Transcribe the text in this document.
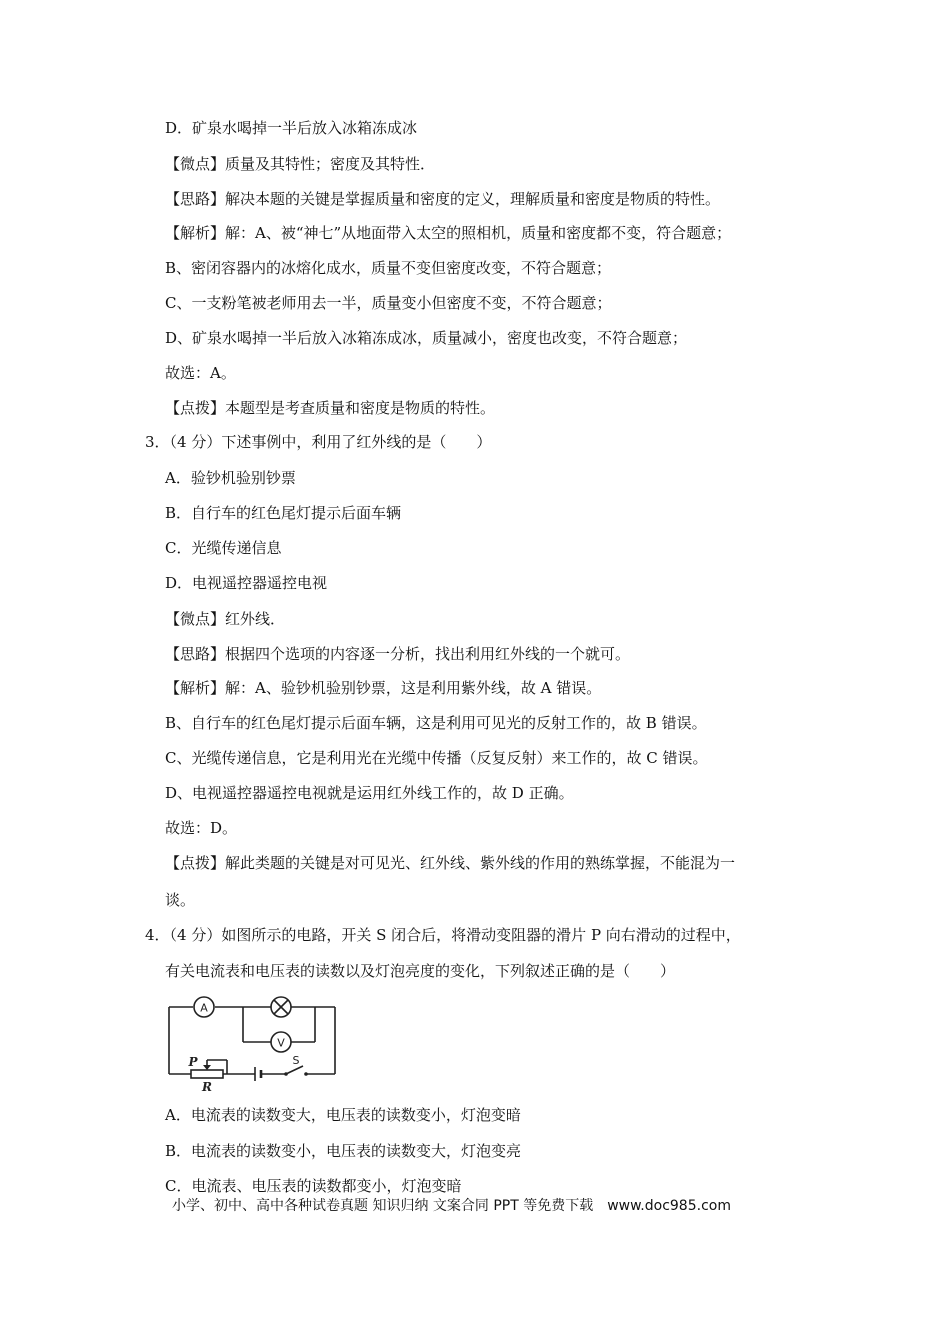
D．矿泉水喝掉一半后放入冰箱冻成冰
【微点】质量及其特性；密度及其特性．
【思路】解决本题的关键是掌握质量和密度的定义，理解质量和密度是物质的特性。
【解析】解：A、被“神七”从地面带入太空的照相机，质量和密度都不变，符合题意；
B、密闭容器内的冰熔化成水，质量不变但密度改变，不符合题意；
C、一支粉笔被老师用去一半，质量变小但密度不变，不符合题意；
D、矿泉水喝掉一半后放入冰箱冻成冰，质量减小，密度也改变，不符合题意；
故选：A。
【点拨】本题型是考查质量和密度是物质的特性。
3．（4 分）下述事例中，利用了红外线的是（　　）
A．验钞机验别钞票
B．自行车的红色尾灯提示后面车辆
C．光缆传递信息
D．电视遥控器遥控电视
【微点】红外线．
【思路】根据四个选项的内容逐一分析，找出利用红外线的一个就可。
【解析】解：A、验钞机验别钞票，这是利用紫外线，故 A 错误。
B、自行车的红色尾灯提示后面车辆，这是利用可见光的反射工作的，故 B 错误。
C、光缆传递信息，它是利用光在光缆中传播（反复反射）来工作的，故 C 错误。
D、电视遥控器遥控电视就是运用红外线工作的，故 D 正确。
故选：D。
【点拨】解此类题的关键是对可见光、红外线、紫外线的作用的熟练掌握，不能混为一
谈。
4．（4 分）如图所示的电路，开关 S 闭合后，将滑动变阻器的滑片 P 向右滑动的过程中，
有关电流表和电压表的读数以及灯泡亮度的变化，下列叙述正确的是（　　）
A
V
P
R
S
A．电流表的读数变大，电压表的读数变小，灯泡变暗
B．电流表的读数变小，电压表的读数变大，灯泡变亮
C．电流表、电压表的读数都变小，灯泡变暗
小学、初中、高中各种试卷真题 知识归纳 文案合同 PPT 等免费下载　www.doc985.com
